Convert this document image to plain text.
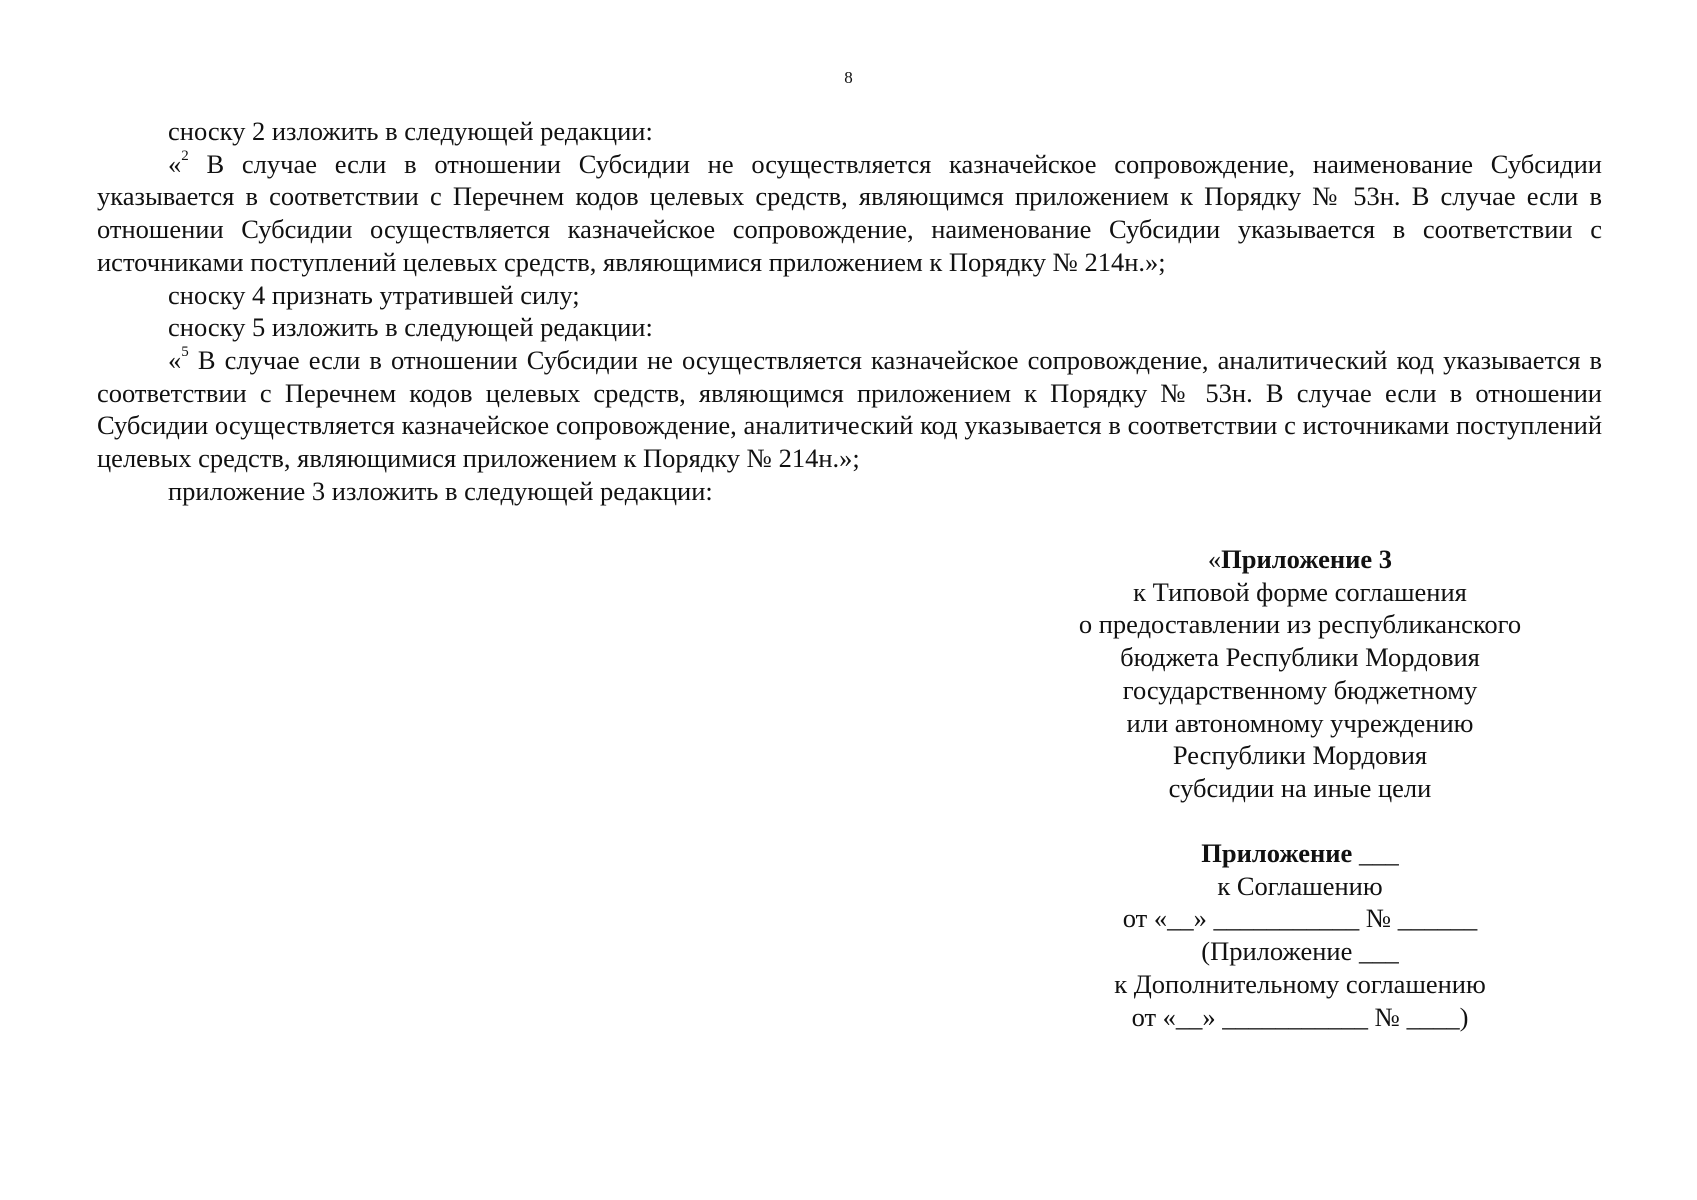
8

сноску 2 изложить в следующей редакции:

«$^2$ В случае если в отношении Субсидии не осуществляется казначейское сопровождение, наименование Субсидии указывается в соответствии с Перечнем кодов целевых средств, являющимся приложением к Порядку № 53н. В случае если в отношении Субсидии осуществляется казначейское сопровождение, наименование Субсидии указывается в соответствии с источниками поступлений целевых средств, являющимися приложением к Порядку № 214н.»;

сноску 4 признать утратившей силу;

сноску 5 изложить в следующей редакции:

«$^5$ В случае если в отношении Субсидии не осуществляется казначейское сопровождение, аналитический код указывается в соответствии с Перечнем кодов целевых средств, являющимся приложением к Порядку № 53н. В случае если в отношении Субсидии осуществляется казначейское сопровождение, аналитический код указывается в соответствии с источниками поступлений целевых средств, являющимися приложением к Порядку № 214н.»;

приложение 3 изложить в следующей редакции:

«Приложение 3
к Типовой форме соглашения
о предоставлении из республиканского
бюджета Республики Мордовия
государственному бюджетному
или автономному учреждению
Республики Мордовия
субсидии на иные цели
Приложение ___
к Соглашению
от «__» ___________ № ______
(Приложение ___
к Дополнительному соглашению
от «__» ___________ № ____)
